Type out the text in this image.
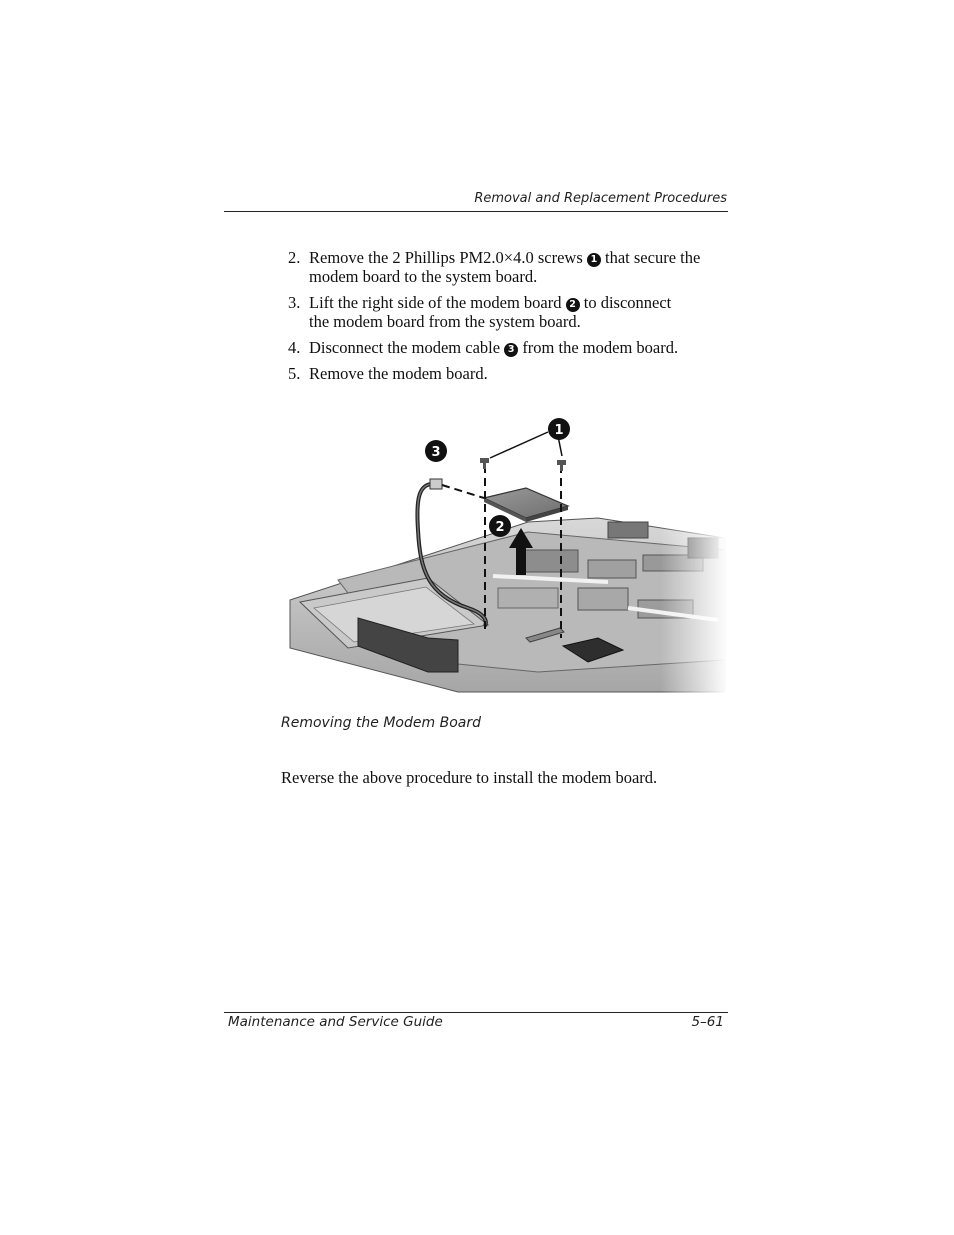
Removal and Replacement Procedures
2. Remove the 2 Phillips PM2.0×4.0 screws 1 that secure the
modem board to the system board.
3. Lift the right side of the modem board 2 to disconnect
the modem board from the system board.
4. Disconnect the modem cable 3 from the modem board.
5. Remove the modem board.
1
3
2
Removing the Modem Board
Reverse the above procedure to install the modem board.
Maintenance and Service Guide	5–61
